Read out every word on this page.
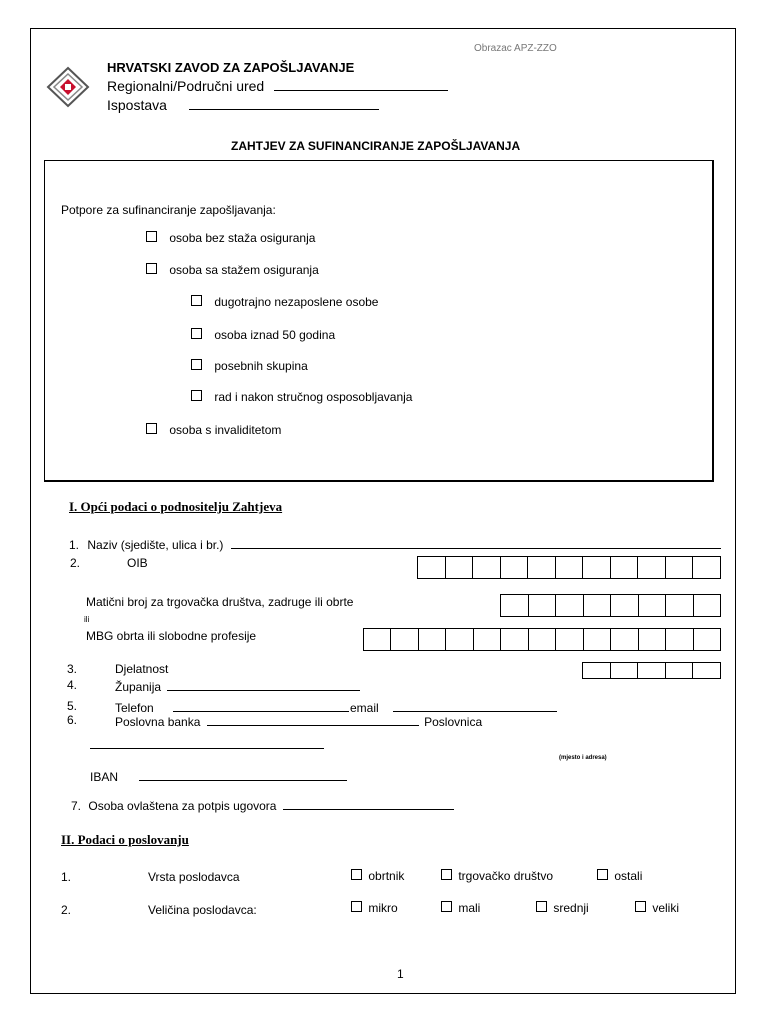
Obrazac APZ-ZZO
HRVATSKI ZAVOD ZA ZAPOŠLJAVANJE
Regionalni/Područni ured
Ispostava
ZAHTJEV ZA SUFINANCIRANJE ZAPOŠLJAVANJA
Potpore za sufinanciranje zapošljavanja:
osoba bez staža osiguranja
osoba sa stažem osiguranja
dugotrajno nezaposlene osobe
osoba iznad 50 godina
posebnih skupina
rad i nakon stručnog osposobljavanja
osoba s invaliditetom
I. Opći podaci o podnositelju Zahtjeva
1. Naziv (sjedište, ulica i br.)
2.	OIB
Matični broj za trgovačka društva, zadruge ili obrte
ili
MBG obrta ili slobodne profesije
3.	Djelatnost
4.	Županija
5.	Telefon	email
6.	Poslovna banka	Poslovnica
(mjesto i adresa)
IBAN
7. Osoba ovlaštena za potpis ugovora
II. Podaci o poslovanju
1.	Vrsta poslodavca	obrtnik	trgovačko društvo	ostali
2.	Veličina poslodavca:	mikro	mali	srednji	veliki
1
